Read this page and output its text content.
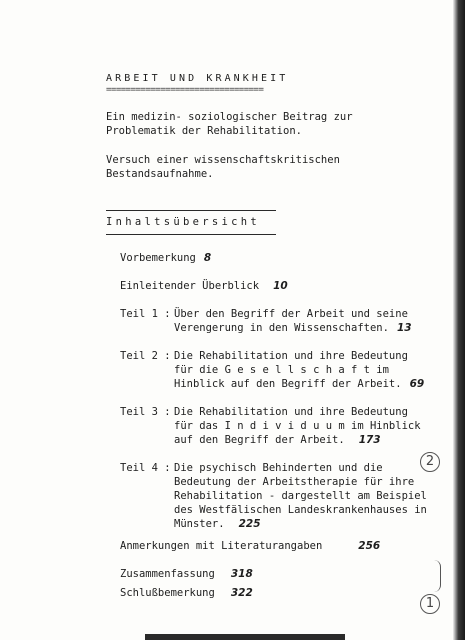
ARBEIT UND KRANKHEIT
================================
Ein medizin- soziologischer Beitrag zur
Problematik der Rehabilitation.
Versuch einer wissenschaftskritischen
Bestandsaufnahme.
Inhaltsübersicht
Vorbemerkung 8
Einleitender Überblick 10
Teil 1 : Über den Begriff der Arbeit und seine
Verengerung in den Wissenschaften. 13
Teil 2 : Die Rehabilitation und ihre Bedeutung
für die G e s e l l s c h a f t im
Hinblick auf den Begriff der Arbeit. 69
Teil 3 : Die Rehabilitation und ihre Bedeutung
für das I n d i v i d u u m im Hinblick
auf den Begriff der Arbeit. 173
Teil 4 : Die psychisch Behinderten und die
Bedeutung der Arbeitstherapie für ihre
Rehabilitation - dargestellt am Beispiel
des Westfälischen Landeskrankenhauses in
Münster. 225
Anmerkungen mit Literaturangaben	256
Zusammenfassung 318
Schlußbemerkung 322
2
1
